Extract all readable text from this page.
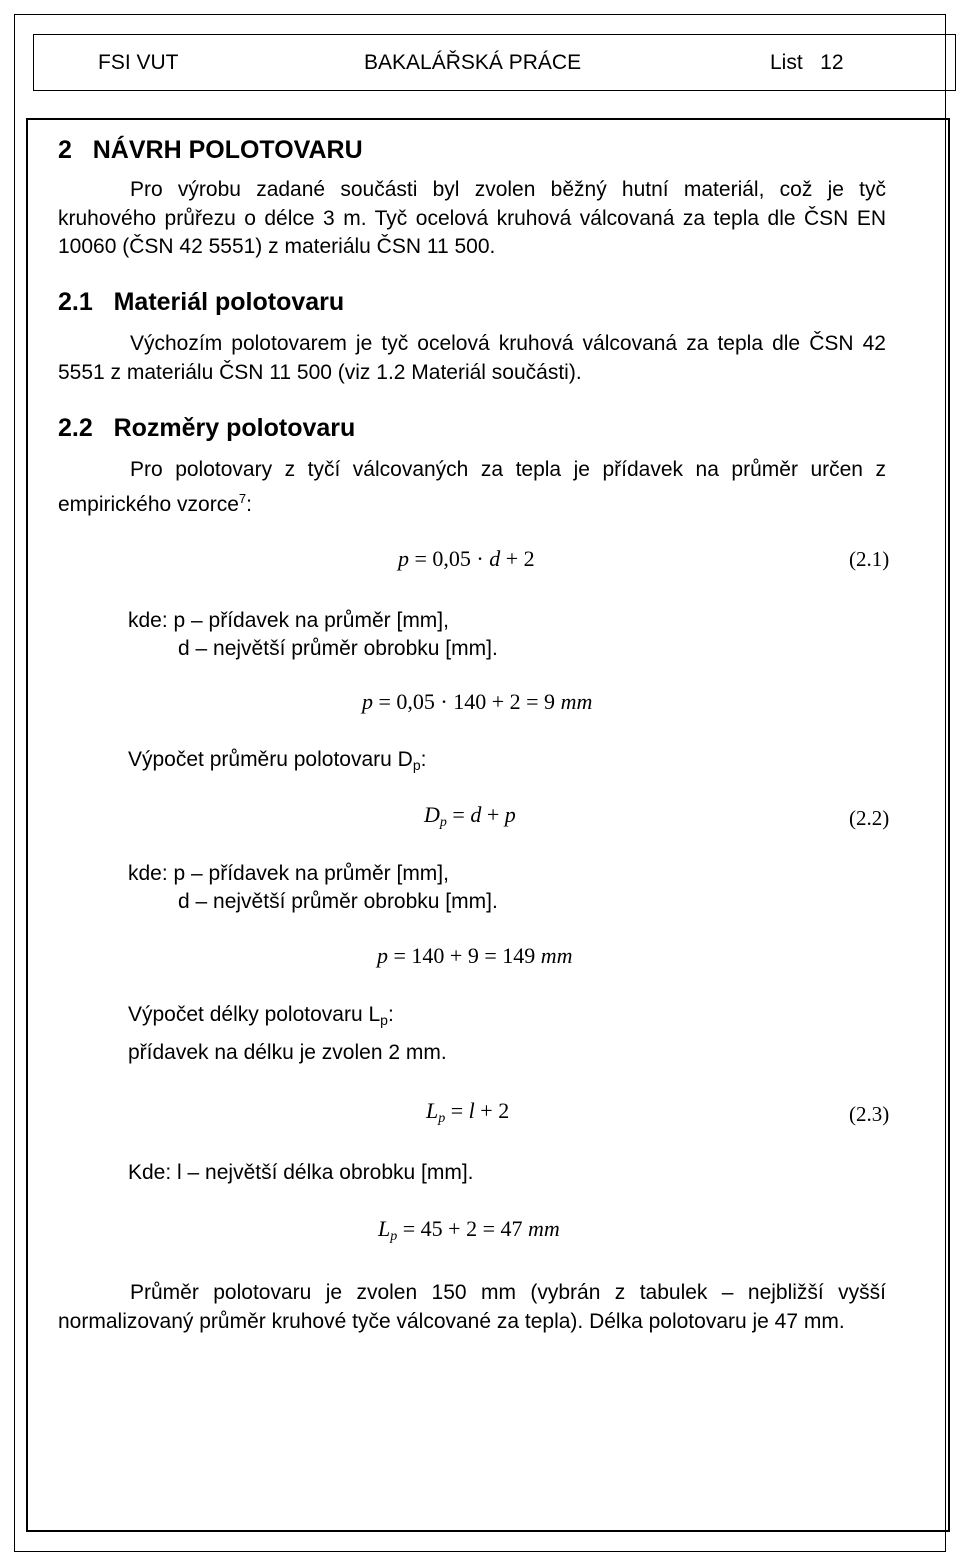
FSI VUT	BAKALÁŘSKÁ PRÁCE	List   12
2   NÁVRH POLOTOVARU
Pro výrobu zadané součásti byl zvolen běžný hutní materiál, což je tyč kruhového průřezu o délce 3 m. Tyč ocelová kruhová válcovaná za tepla dle ČSN EN 10060 (ČSN 42 5551) z materiálu ČSN 11 500.
2.1   Materiál polotovaru
Výchozím polotovarem je tyč ocelová kruhová válcovaná za tepla dle ČSN 42 5551 z materiálu ČSN 11 500 (viz 1.2 Materiál součásti).
2.2   Rozměry polotovaru
Pro polotovary z tyčí válcovaných za tepla je přídavek na průměr určen z empirického vzorce$^7$:
p = 0,05 · d + 2	(2.1)
kde: p – přídavek na průměr [mm],
d – největší průměr obrobku [mm].
p = 0,05 · 140 + 2 = 9 mm
Výpočet průměru polotovaru $D_p$:
$D_p = d + p$	(2.2)
kde: p – přídavek na průměr [mm],
d – největší průměr obrobku [mm].
p = 140 + 9 = 149 mm
Výpočet délky polotovaru $L_p$:
přídavek na délku je zvolen 2 mm.
$L_p = l + 2$	(2.3)
Kde: l – největší délka obrobku [mm].
$L_p = 45 + 2 = 47$ mm
Průměr polotovaru je zvolen 150 mm (vybrán z tabulek – nejbližší vyšší normalizovaný průměr kruhové tyče válcované za tepla). Délka polotovaru je 47 mm.
